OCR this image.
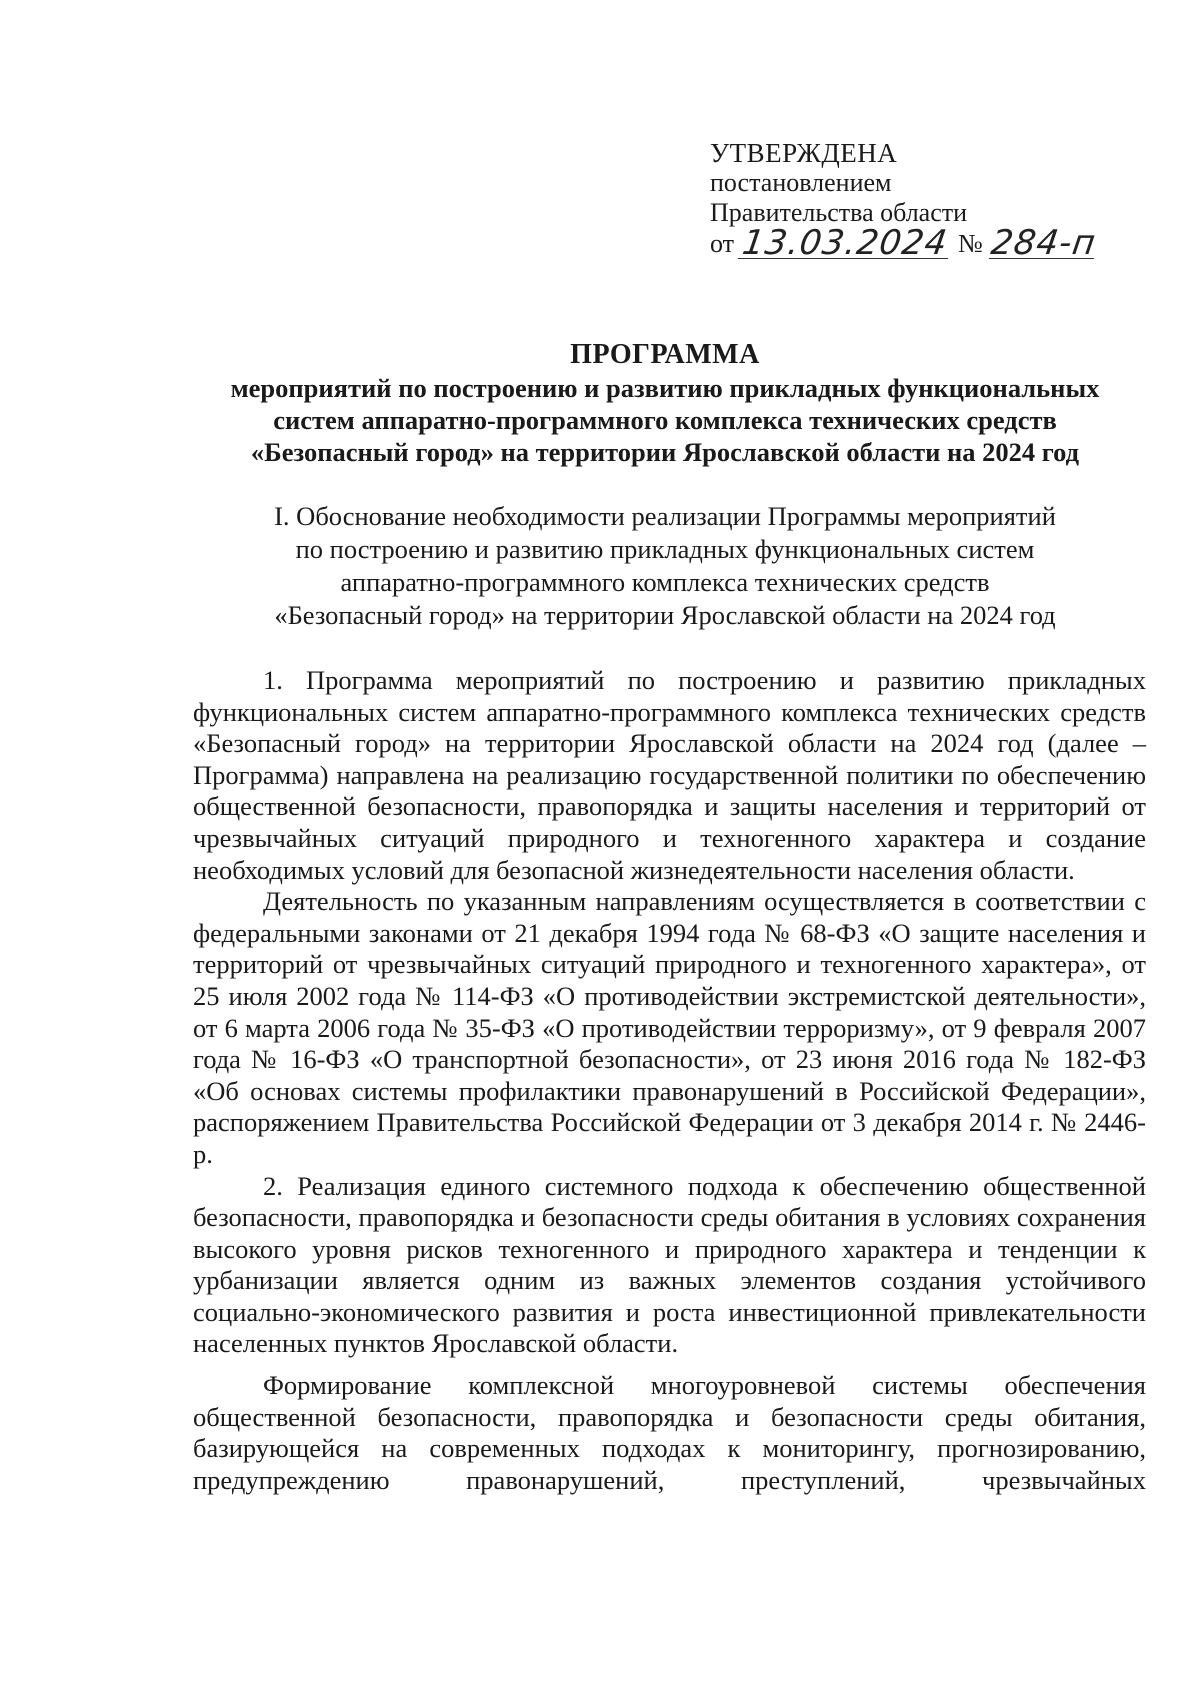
УТВЕРЖДЕНА
постановлением
Правительства области
от 13.03.2024 № 284-п
ПРОГРАММА
мероприятий по построению и развитию прикладных функциональных
систем аппаратно-программного комплекса технических средств
«Безопасный город» на территории Ярославской области на 2024 год
I. Обоснование необходимости реализации Программы мероприятий
по построению и развитию прикладных функциональных систем
аппаратно-программного комплекса технических средств
«Безопасный город» на территории Ярославской области на 2024 год

1. Программа мероприятий по построению и развитию прикладных функциональных систем аппаратно-программного комплекса технических средств «Безопасный город» на территории Ярославской области на 2024 год (далее – Программа) направлена на реализацию государственной политики по обеспечению общественной безопасности, правопорядка и защиты населения и территорий от чрезвычайных ситуаций природного и техногенного характера и создание необходимых условий для безопасной жизнедеятельности населения области.

Деятельность по указанным направлениям осуществляется в соответствии с федеральными законами от 21 декабря 1994 года № 68-ФЗ «О защите населения и территорий от чрезвычайных ситуаций природного и техногенного характера», от 25 июля 2002 года № 114-ФЗ «О противодействии экстремистской деятельности», от 6 марта 2006 года № 35-ФЗ «О противодействии терроризму», от 9 февраля 2007 года № 16-ФЗ «О транспортной безопасности», от 23 июня 2016 года № 182-ФЗ «Об основах системы профилактики правонарушений в Российской Федерации», распоряжением Правительства Российской Федерации от 3 декабря 2014 г. № 2446-р.

2. Реализация единого системного подхода к обеспечению общественной безопасности, правопорядка и безопасности среды обитания в условиях сохранения высокого уровня рисков техногенного и природного характера и тенденции к урбанизации является одним из важных элементов создания устойчивого социально-экономического развития и роста инвестиционной привлекательности населенных пунктов Ярославской области.

Формирование комплексной многоуровневой системы обеспечения общественной безопасности, правопорядка и безопасности среды обитания, базирующейся на современных подходах к мониторингу, прогнозированию, предупреждению правонарушений, преступлений, чрезвычайных
